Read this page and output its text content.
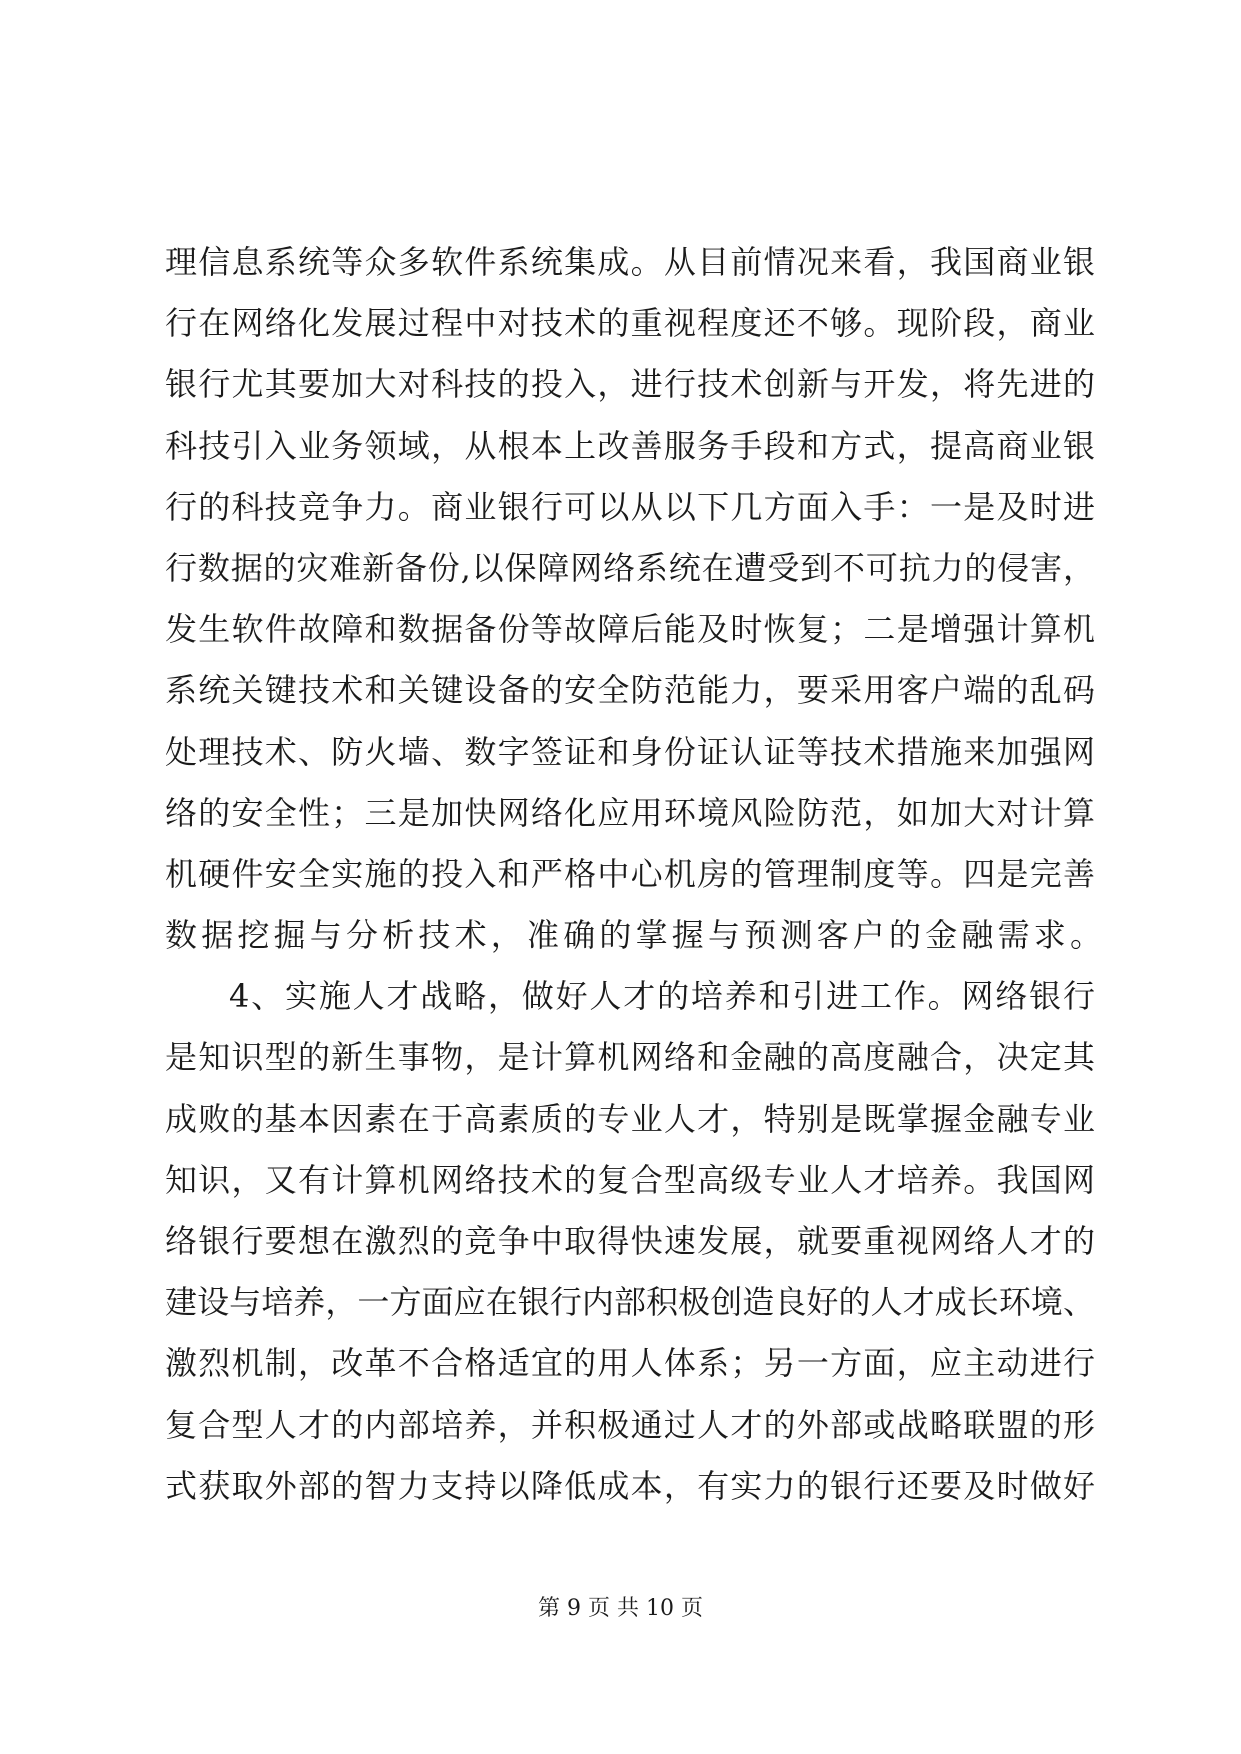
理信息系统等众多软件系统集成。从目前情况来看，我国商业银
行在网络化发展过程中对技术的重视程度还不够。现阶段，商业
银行尤其要加大对科技的投入，进行技术创新与开发，将先进的
科技引入业务领域，从根本上改善服务手段和方式，提高商业银
行的科技竞争力。商业银行可以从以下几方面入手：一是及时进
行数据的灾难新备份,以保障网络系统在遭受到不可抗力的侵害，
发生软件故障和数据备份等故障后能及时恢复；二是增强计算机
系统关键技术和关键设备的安全防范能力，要采用客户端的乱码
处理技术、防火墙、数字签证和身份证认证等技术措施来加强网
络的安全性；三是加快网络化应用环境风险防范，如加大对计算
机硬件安全实施的投入和严格中心机房的管理制度等。四是完善
数据挖掘与分析技术，准确的掌握与预测客户的金融需求。
4、实施人才战略，做好人才的培养和引进工作。网络银行
是知识型的新生事物，是计算机网络和金融的高度融合，决定其
成败的基本因素在于高素质的专业人才，特别是既掌握金融专业
知识，又有计算机网络技术的复合型高级专业人才培养。我国网
络银行要想在激烈的竞争中取得快速发展，就要重视网络人才的
建设与培养，一方面应在银行内部积极创造良好的人才成长环境、
激烈机制，改革不合格适宜的用人体系；另一方面，应主动进行
复合型人才的内部培养，并积极通过人才的外部或战略联盟的形
式获取外部的智力支持以降低成本，有实力的银行还要及时做好
第 9 页 共 10 页
